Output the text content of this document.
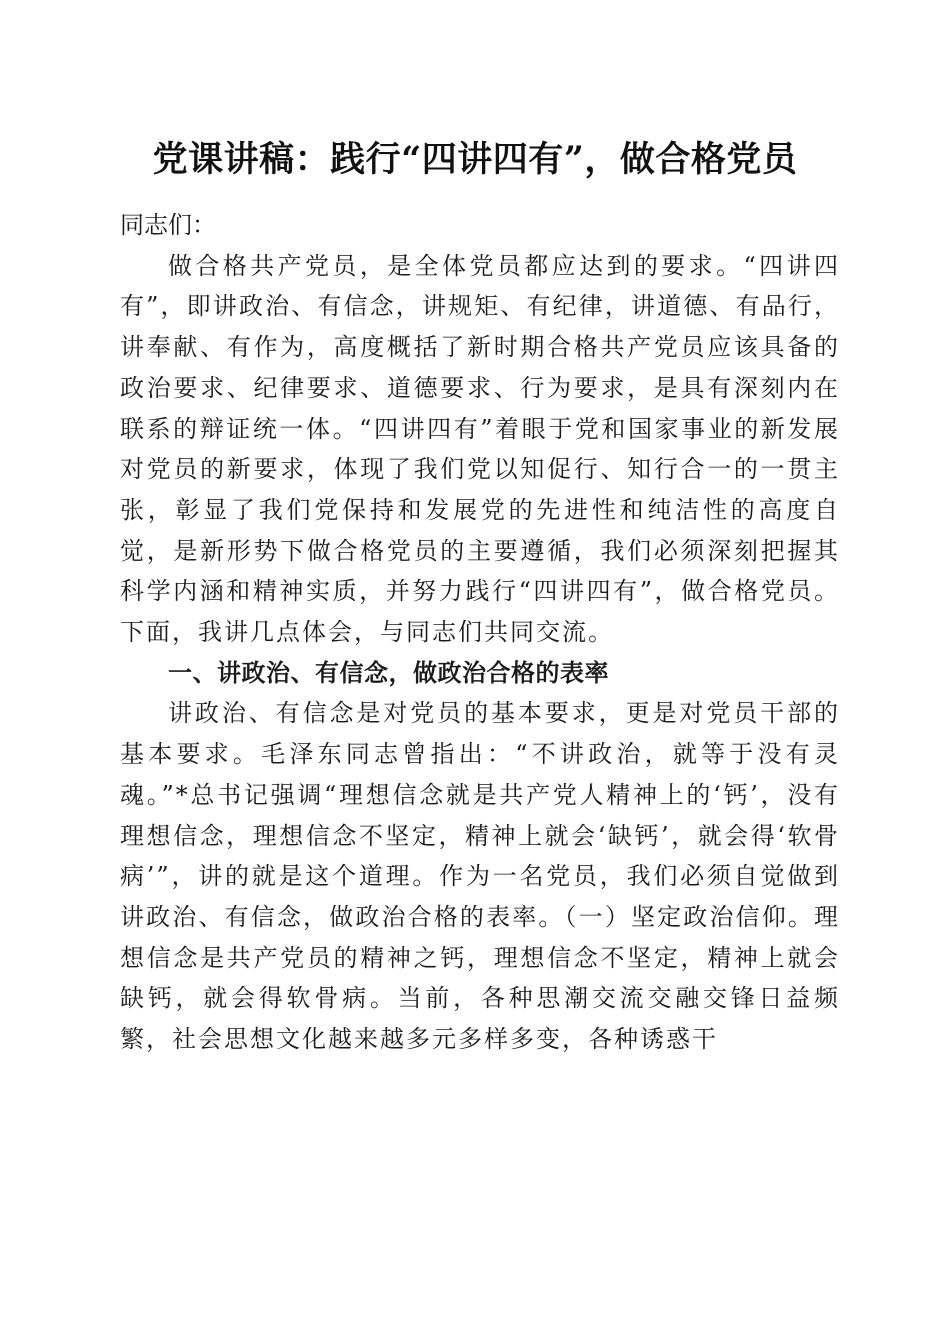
党课讲稿：践行“四讲四有”，做合格党员

同志们：

做合格共产党员，是全体党员都应达到的要求。“四讲四有”，即讲政治、有信念，讲规矩、有纪律，讲道德、有品行，讲奉献、有作为，高度概括了新时期合格共产党员应该具备的政治要求、纪律要求、道德要求、行为要求，是具有深刻内在联系的辩证统一体。“四讲四有”着眼于党和国家事业的新发展对党员的新要求，体现了我们党以知促行、知行合一的一贯主张，彰显了我们党保持和发展党的先进性和纯洁性的高度自觉，是新形势下做合格党员的主要遵循，我们必须深刻把握其科学内涵和精神实质，并努力践行“四讲四有”，做合格党员。下面，我讲几点体会，与同志们共同交流。

一、讲政治、有信念，做政治合格的表率

讲政治、有信念是对党员的基本要求，更是对党员干部的基本要求。毛泽东同志曾指出：“不讲政治，就等于没有灵魂。”*总书记强调“理想信念就是共产党人精神上的‘钙’，没有理想信念，理想信念不坚定，精神上就会‘缺钙’，就会得‘软骨病’”，讲的就是这个道理。作为一名党员，我们必须自觉做到讲政治、有信念，做政治合格的表率。（一）坚定政治信仰。理想信念是共产党员的精神之钙，理想信念不坚定，精神上就会缺钙，就会得软骨病。当前，各种思潮交流交融交锋日益频繁，社会思想文化越来越多元多样多变，各种诱惑干
